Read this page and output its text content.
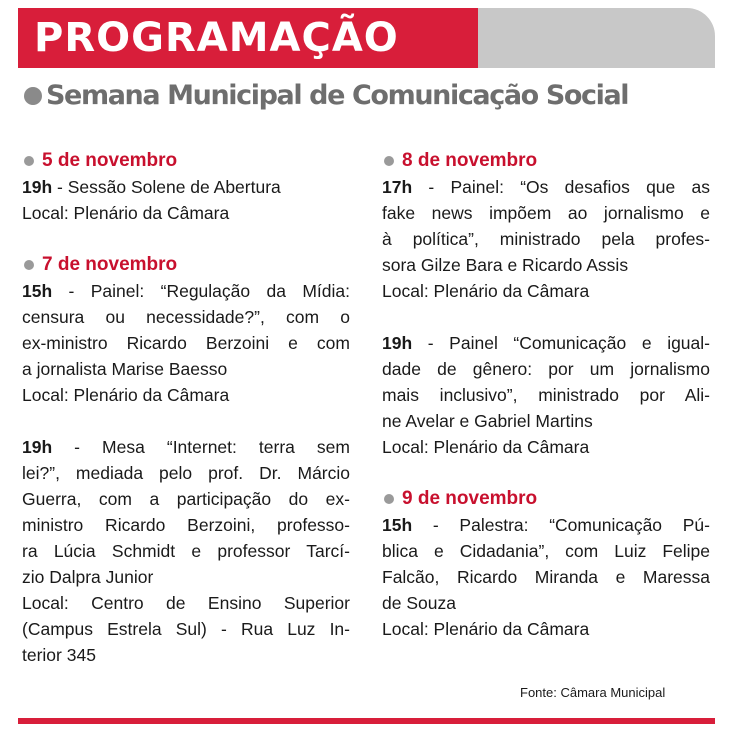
PROGRAMAÇÃO
Semana Municipal de Comunicação Social
5 de novembro
19h - Sessão Solene de Abertura
Local: Plenário da Câmara
7 de novembro
15h - Painel: “Regulação da Mídia:
censura ou necessidade?”, com o
ex-ministro Ricardo Berzoini e com
a jornalista Marise Baesso
Local: Plenário da Câmara
19h - Mesa “Internet: terra sem
lei?”, mediada pelo prof. Dr. Márcio
Guerra, com a participação do ex-
ministro Ricardo Berzoini, professo-
ra Lúcia Schmidt e professor Tarcí-
zio Dalpra Junior
Local: Centro de Ensino Superior
(Campus Estrela Sul) - Rua Luz In-
terior 345
8 de novembro
17h - Painel: “Os desafios que as
fake news impõem ao jornalismo e
à política”, ministrado pela profes-
sora Gilze Bara e Ricardo Assis
Local: Plenário da Câmara
19h - Painel “Comunicação e igual-
dade de gênero: por um jornalismo
mais inclusivo”, ministrado por Ali-
ne Avelar e Gabriel Martins
Local: Plenário da Câmara
9 de novembro
15h - Palestra: “Comunicação Pú-
blica e Cidadania”, com Luiz Felipe
Falcão, Ricardo Miranda e Maressa
de Souza
Local: Plenário da Câmara
Fonte: Câmara Municipal
